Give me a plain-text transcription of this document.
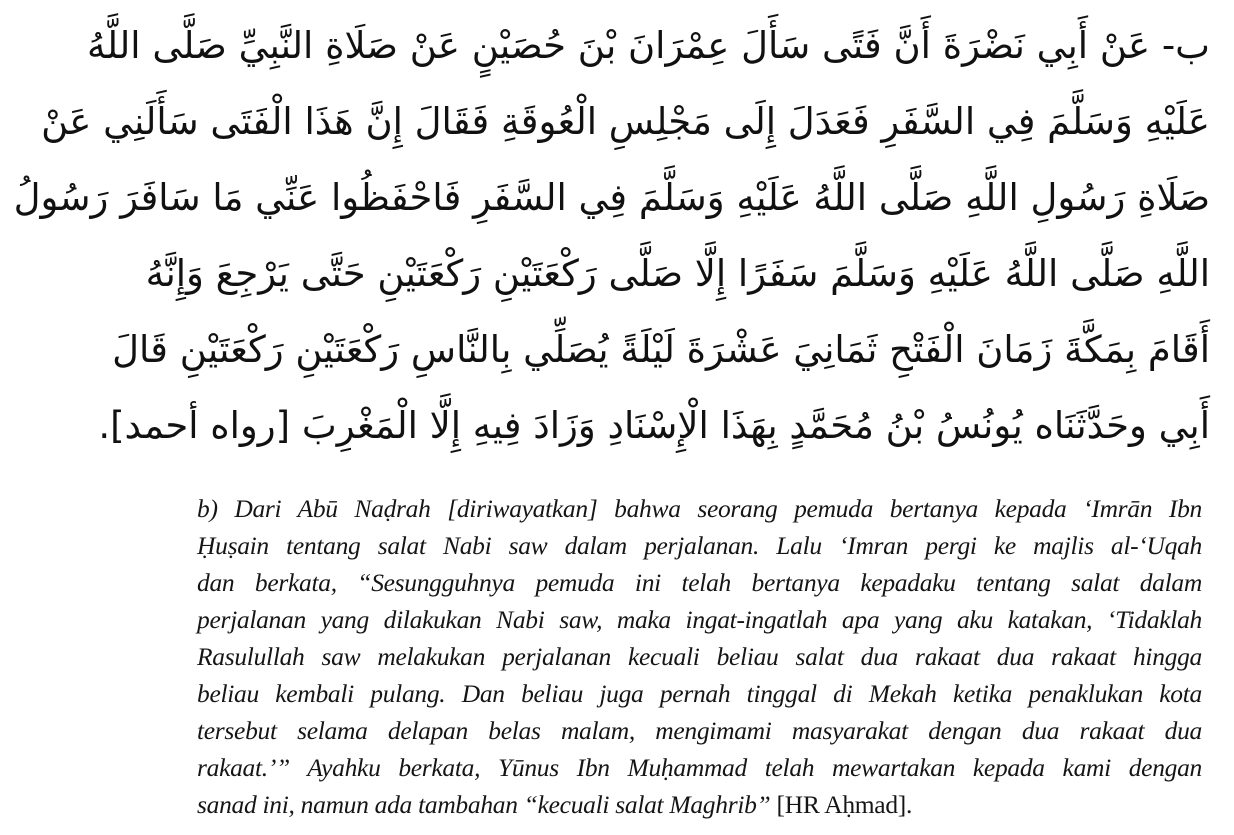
ب- عَنْ أَبِي نَضْرَةَ أَنَّ فَتًى سَأَلَ عِمْرَانَ بْنَ حُصَيْنٍ عَنْ صَلَاةِ النَّبِيِّ صَلَّى اللَّهُ
عَلَيْهِ وَسَلَّمَ فِي السَّفَرِ فَعَدَلَ إِلَى مَجْلِسِ الْعُوقَةِ فَقَالَ إِنَّ هَذَا الْفَتَى سَأَلَنِي عَنْ
صَلَاةِ رَسُولِ اللَّهِ صَلَّى اللَّهُ عَلَيْهِ وَسَلَّمَ فِي السَّفَرِ فَاحْفَظُوا عَنِّي مَا سَافَرَ رَسُولُ
اللَّهِ صَلَّى اللَّهُ عَلَيْهِ وَسَلَّمَ سَفَرًا إِلَّا صَلَّى رَكْعَتَيْنِ رَكْعَتَيْنِ حَتَّى يَرْجِعَ وَإِنَّهُ
أَقَامَ بِمَكَّةَ زَمَانَ الْفَتْحِ ثَمَانِيَ عَشْرَةَ لَيْلَةً يُصَلِّي بِالنَّاسِ رَكْعَتَيْنِ رَكْعَتَيْنِ قَالَ
أَبِي وحَدَّثَنَاه يُونُسُ بْنُ مُحَمَّدٍ بِهَذَا الْإِسْنَادِ وَزَادَ فِيهِ إِلَّا الْمَغْرِبَ [رواه أحمد].
b) Dari Abū Naḍrah [diriwayatkan] bahwa seorang pemuda bertanya kepada ‘Imrān Ibn
Ḥuṣain tentang salat Nabi saw dalam perjalanan. Lalu ‘Imran pergi ke majlis al-‘Uqah
dan berkata, “Sesungguhnya pemuda ini telah bertanya kepadaku tentang salat dalam
perjalanan yang dilakukan Nabi saw, maka ingat-ingatlah apa yang aku katakan, ‘Tidaklah
Rasulullah saw melakukan perjalanan kecuali beliau salat dua rakaat dua rakaat hingga
beliau kembali pulang. Dan beliau juga pernah tinggal di Mekah ketika penaklukan kota
tersebut selama delapan belas malam, mengimami masyarakat dengan dua rakaat dua
rakaat.’” Ayahku berkata, Yūnus Ibn Muḥammad telah mewartakan kepada kami dengan
sanad ini, namun ada tambahan “kecuali salat Maghrib” [HR Aḥmad].
